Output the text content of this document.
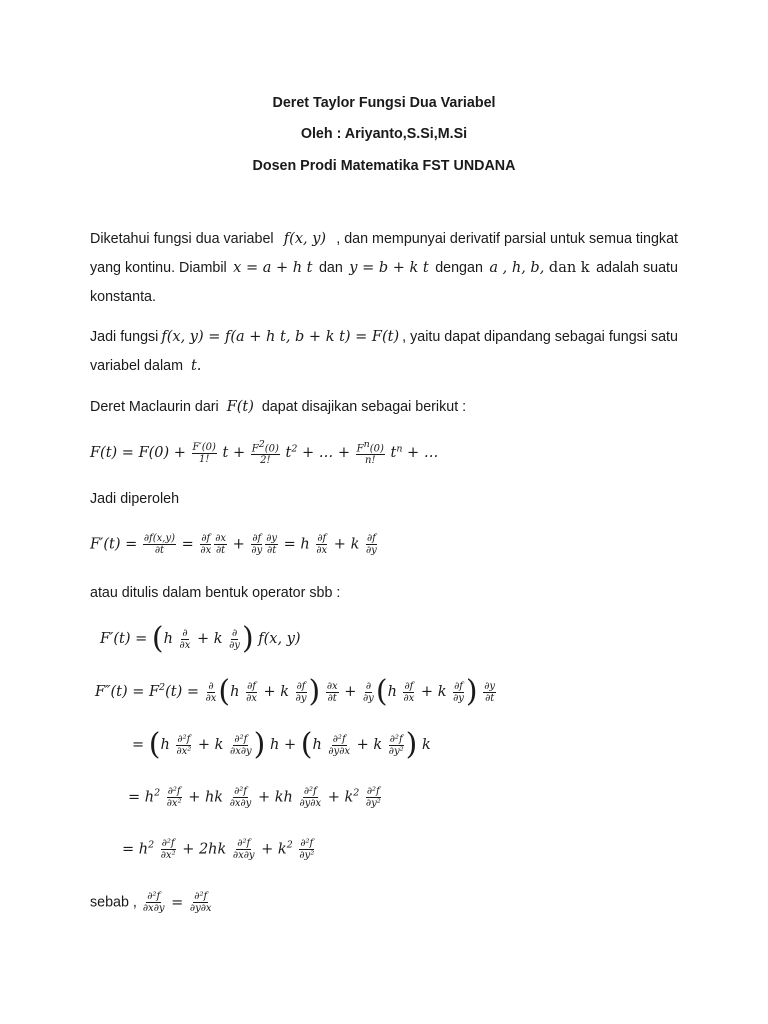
Deret Taylor Fungsi Dua Variabel
Oleh : Ariyanto,S.Si,M.Si
Dosen Prodi Matematika FST UNDANA
Diketahui fungsi dua variabel f(x, y) , dan mempunyai derivatif parsial untuk semua tingkat
yang kontinu. Diambil x = a + h t dan y = b + k t dengan a , h, b, dan k adalah suatu
konstanta.
Jadi fungsi f(x, y) = f(a + h t, b + k t) = F(t) , yaitu dapat dipandang sebagai fungsi satu
variabel dalam t.
Deret Maclaurin dari F(t) dapat disajikan sebagai berikut :
$F(t) = F(0) + \frac{F'(0)}{1!}$ $t + \frac{F^2(0)}{2!} t^2$ + … + $\frac{F^n(0)}{n!} t^n$ + …
Jadi diperoleh
$F'(t) = \frac{\partial f(x,y)}{\partial t} = \frac{\partial f}{\partial x} \frac{\partial x}{\partial t} + \frac{\partial f}{\partial y} \frac{\partial y}{\partial t} = h \frac{\partial f}{\partial x} + k \frac{\partial f}{\partial y}$
atau ditulis dalam bentuk operator sbb :
F′(t) = (h ∂
∂x + k ∂
∂y ) f(x, y)
$F''(t) = F^2(t)$ = ∂
∂x ($h \frac{\partial f}{\partial x} + k \frac{\partial f}{\partial y}$ ) $\frac{\partial x}{\partial t}$ + ∂
∂y ($h \frac{\partial f}{\partial x} + k \frac{\partial f}{\partial y}$ ) $\frac{\partial y}{\partial t}$
= ($h \frac{\text{∂²f}}{\text{∂x²}} + k \frac{\text{∂²f}}{\partial x\partial y}$ ) $h + (h \frac{\text{∂²f}}{\partial y\partial x} + k \frac{\text{∂²f}}{\text{∂y²}}$ ) k
= $h^2 \frac{\text{∂²f}}{\text{∂x²}}$ + hk $\frac{\text{∂²f}}{\partial x\partial y}$ + kh $\frac{\text{∂²f}}{\partial y\partial x} + k^2 \frac{\text{∂²f}}{\text{∂y²}}$
= $h^2 \frac{\text{∂²f}}{\text{∂x²}} + 2hk \frac{\text{∂²f}}{\partial x\partial y} + k^2 \frac{\text{∂²f}}{\text{∂y²}}$
sebab , $\frac{\text{∂²f}}{\partial x\partial y} = \frac{\text{∂²f}}{\partial y\partial x}$
